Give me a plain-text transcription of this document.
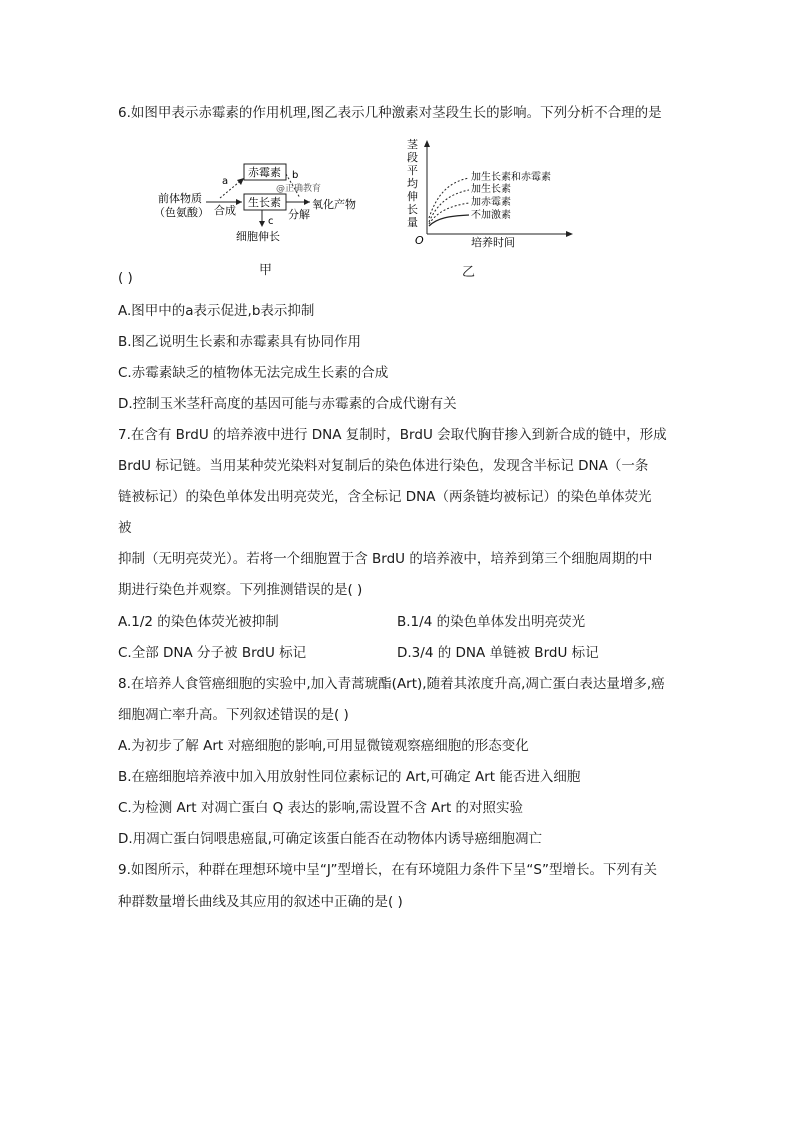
6.如图甲表示赤霉素的作用机理,图乙表示几种激素对茎段生长的影响。下列分析不合理的是
赤霉素
生长素
前体物质
（色氨酸） 合成
a
b
@正确教育
氧化产物
分解
c
细胞伸长
甲
茎
段
平
均
伸
长
量
O	培养时间
加生长素和赤霉素
加生长素
加赤霉素
不加激素
乙
( )
A.图甲中的a表示促进,b表示抑制
B.图乙说明生长素和赤霉素具有协同作用
C.赤霉素缺乏的植物体无法完成生长素的合成
D.控制玉米茎秆高度的基因可能与赤霉素的合成代谢有关
7.在含有 BrdU 的培养液中进行 DNA 复制时，BrdU 会取代胸苷掺入到新合成的链中，形成
BrdU 标记链。当用某种荧光染料对复制后的染色体进行染色，发现含半标记 DNA（一条
链被标记）的染色单体发出明亮荧光，含全标记 DNA（两条链均被标记）的染色单体荧光
被
抑制（无明亮荧光）。若将一个细胞置于含 BrdU 的培养液中，培养到第三个细胞周期的中
期进行染色并观察。下列推测错误的是( )
A.1/2 的染色体荧光被抑制	B.1/4 的染色单体发出明亮荧光
C.全部 DNA 分子被 BrdU 标记	D.3/4 的 DNA 单链被 BrdU 标记
8.在培养人食管癌细胞的实验中,加入青蒿琥酯(Art),随着其浓度升高,凋亡蛋白表达量增多,癌
细胞凋亡率升高。下列叙述错误的是( )
A.为初步了解 Art 对癌细胞的影响,可用显微镜观察癌细胞的形态变化
B.在癌细胞培养液中加入用放射性同位素标记的 Art,可确定 Art 能否进入细胞
C.为检测 Art 对凋亡蛋白 Q 表达的影响,需设置不含 Art 的对照实验
D.用凋亡蛋白饲喂患癌鼠,可确定该蛋白能否在动物体内诱导癌细胞凋亡
9.如图所示，种群在理想环境中呈“J”型增长，在有环境阻力条件下呈“S”型增长。下列有关
种群数量增长曲线及其应用的叙述中正确的是( )
